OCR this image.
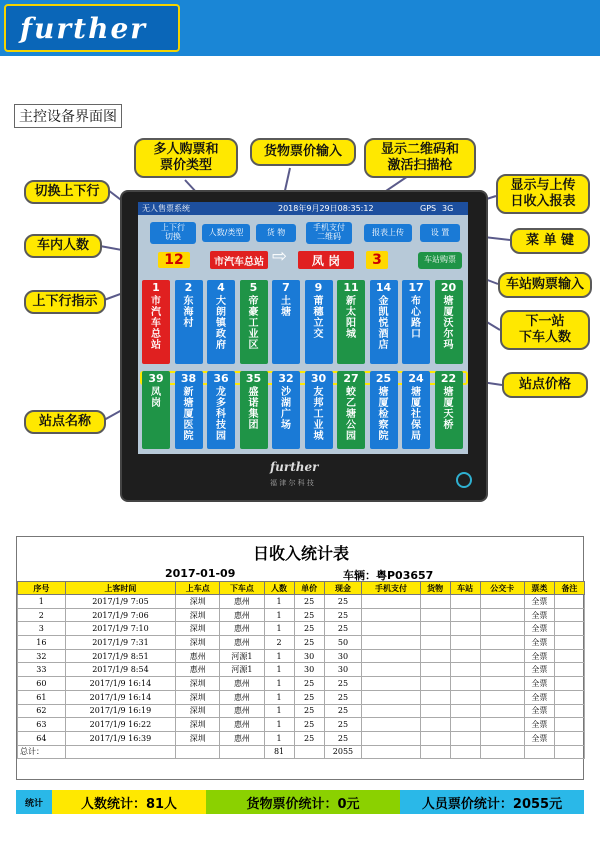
further
主控设备界面图
切换上下行
车内人数
上下行指示
站点名称
多人购票和
票价类型
货物票价输入	显示二维码和
激活扫描枪
显示与上传
日收入报表
菜 单 键
车站购票输入
下一站
下车人数
站点价格
无人售票系统	2018年9月29日08:35:12	GPS 3G
上下行
切换	人数/类型	货 物	手机支付
二维码	报表上传	设 置
12	市汽车总站 ⇨	凤 岗	3	车站购票
1
市汽车总站
2
东海村
4
大朗镇政府
5
帝豪工业区
7
土塘
9
莆穗立交
11
新太阳城
14
金凯悦酒店
17
布心路口
20
塘厦沃尔玛
39
凤岗
38
新塘厦医院
36
龙多科技园
35
盛诺集团
32
沙湖广场
30
友邦工业城
27
蛟乙塘公园
25
塘厦检察院
24
塘厦社保局
22
塘厦天桥
further
福 津 尔 科 技
日收入统计表
2017-01-09	车辆：粤P03657
序号	上客时间	上车点	下车点	人数	单价	现金	手机支付	货物	车站	公交卡	票类	备注
1	2017/1/9 7:05	深圳	惠州	1	25	25					全票	
2	2017/1/9 7:06	深圳	惠州	1	25	25					全票	
3	2017/1/9 7:10	深圳	惠州	1	25	25					全票	
16	2017/1/9 7:31	深圳	惠州	2	25	50					全票	
32	2017/1/9 8:51	惠州	河源1	1	30	30					全票	
33	2017/1/9 8:54	惠州	河源1	1	30	30					全票	
60	2017/1/9 16:14	深圳	惠州	1	25	25					全票	
61	2017/1/9 16:14	深圳	惠州	1	25	25					全票	
62	2017/1/9 16:19	深圳	惠州	1	25	25					全票	
63	2017/1/9 16:22	深圳	惠州	1	25	25					全票	
64	2017/1/9 16:39	深圳	惠州	1	25	25					全票	
总计：				81		2055						
统计	人数统计：81人	货物票价统计：0元	人员票价统计：2055元
